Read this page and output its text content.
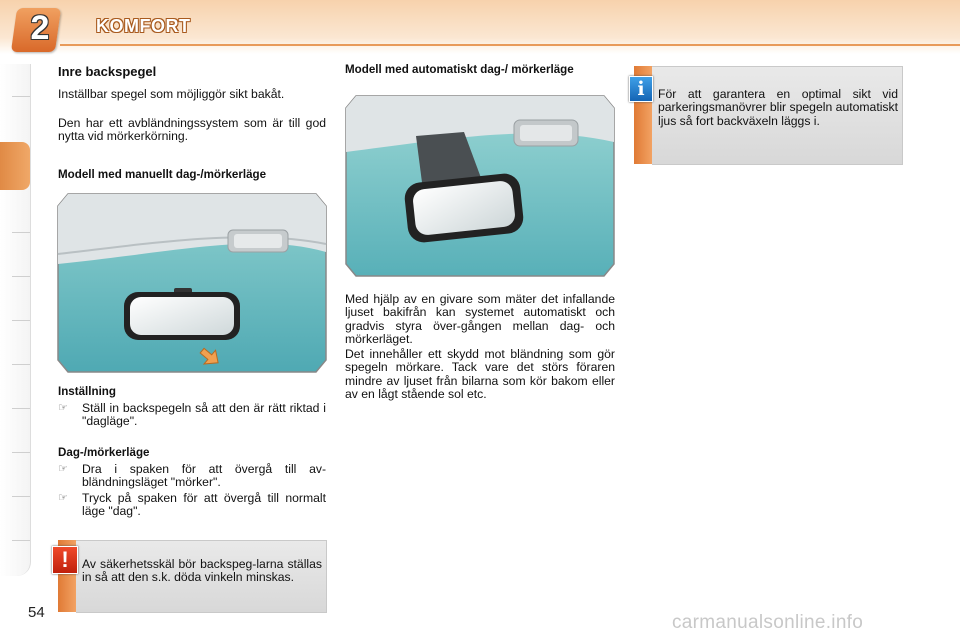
2	KOMFORT
Inre backspegel
Inställbar spegel som möjliggör sikt bakåt.
Den har ett avbländningssystem som är till god nytta vid mörkerkörning.
Modell med manuellt dag-/mörkerläge
Inställning
☞ Ställ in backspegeln så att den är rätt riktad i "dagläge".
Dag-/mörkerläge
☞ Dra i spaken för att övergå till av-bländningsläget "mörker".
☞ Tryck på spaken för att övergå till normalt läge "dag".
!	Av säkerhetsskäl bör backspeg-larna ställas in så att den s.k. döda vinkeln minskas.
Modell med automatiskt dag-/ mörkerläge
Med hjälp av en givare som mäter det infallande ljuset bakifrån kan systemet automatiskt och gradvis styra över-gången mellan dag- och mörkerläget.
Det innehåller ett skydd mot bländning som gör spegeln mörkare. Tack vare det störs föraren mindre av ljuset från bilarna som kör bakom eller av en lågt stående sol etc.
i	För att garantera en optimal sikt vid parkeringsmanövrer blir spegeln automatiskt ljus så fort backväxeln läggs i.
54	carmanualsonline.info
